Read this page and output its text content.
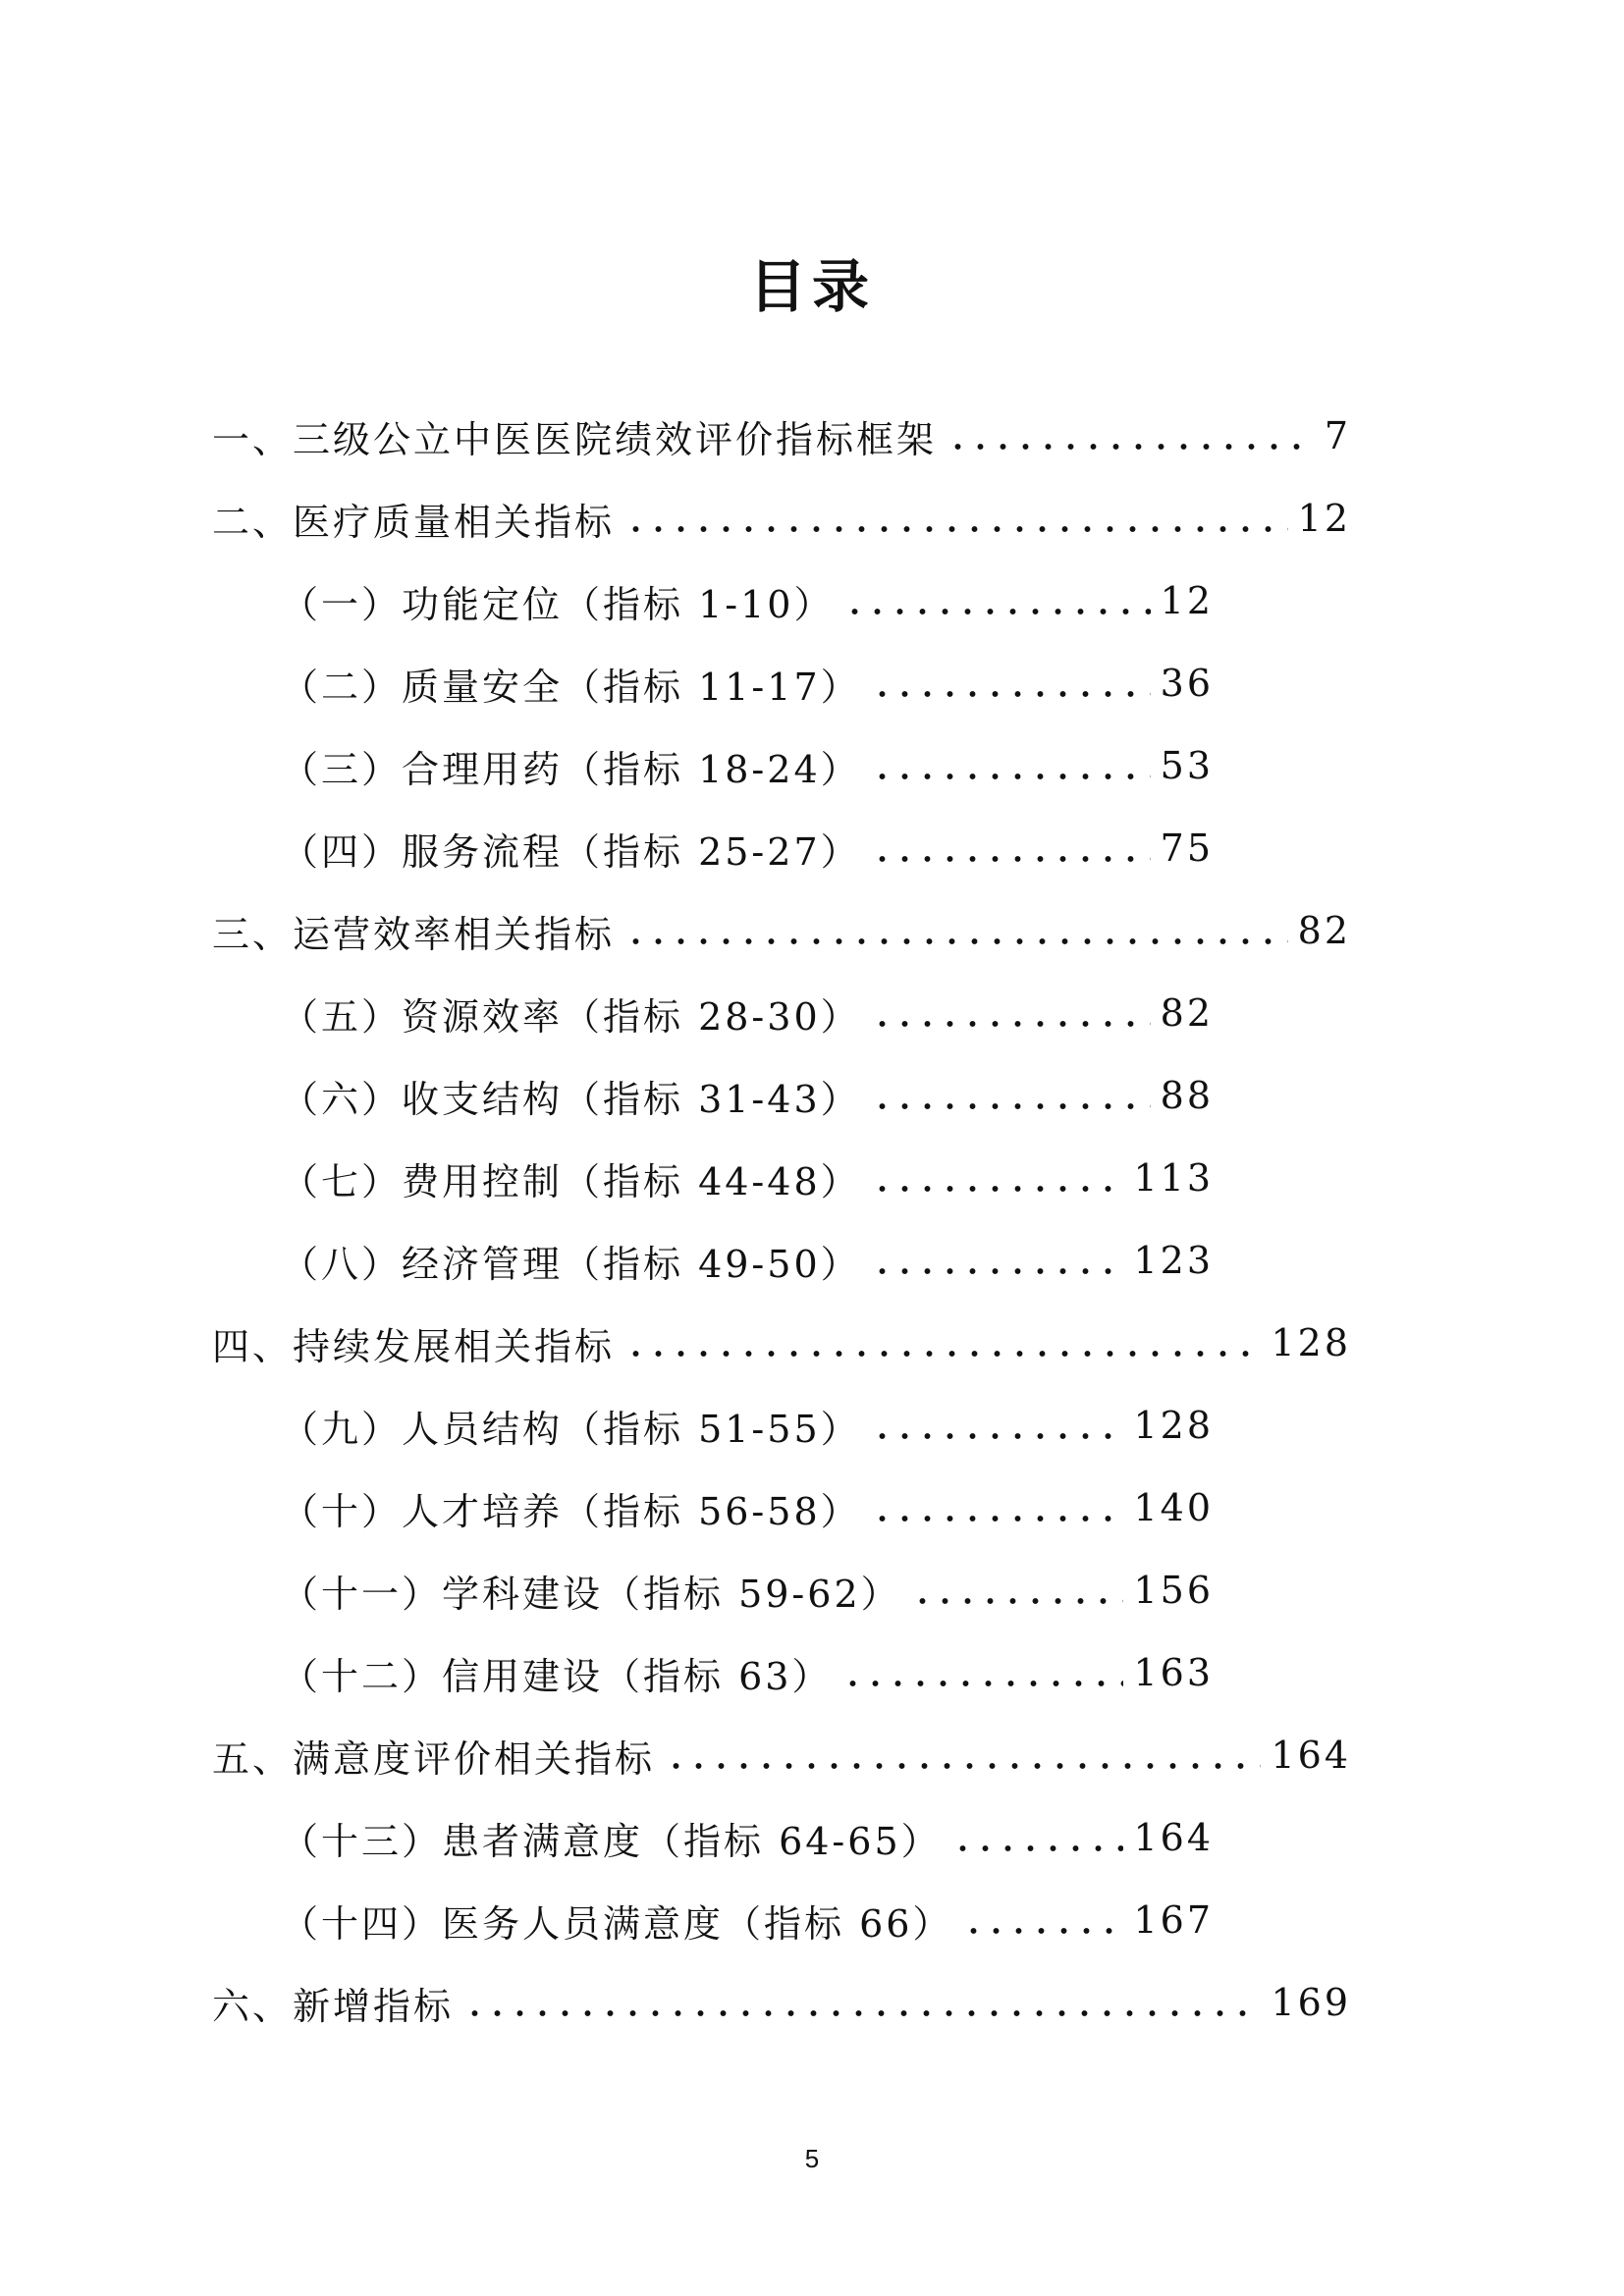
目录
一、三级公立中医医院绩效评价指标框架	7
二、医疗质量相关指标	12
（一）功能定位（指标 1-10）	12
（二）质量安全（指标 11-17）	36
（三）合理用药（指标 18-24）	53
（四）服务流程（指标 25-27）	75
三、运营效率相关指标	82
（五）资源效率（指标 28-30）	82
（六）收支结构（指标 31-43）	88
（七）费用控制（指标 44-48）	113
（八）经济管理（指标 49-50）	123
四、持续发展相关指标	128
（九）人员结构（指标 51-55）	128
（十）人才培养（指标 56-58）	140
（十一）学科建设（指标 59-62）	156
（十二）信用建设（指标 63）	163
五、满意度评价相关指标	164
（十三）患者满意度（指标 64-65）	164
（十四）医务人员满意度（指标 66）	167
六、新增指标	169
5
